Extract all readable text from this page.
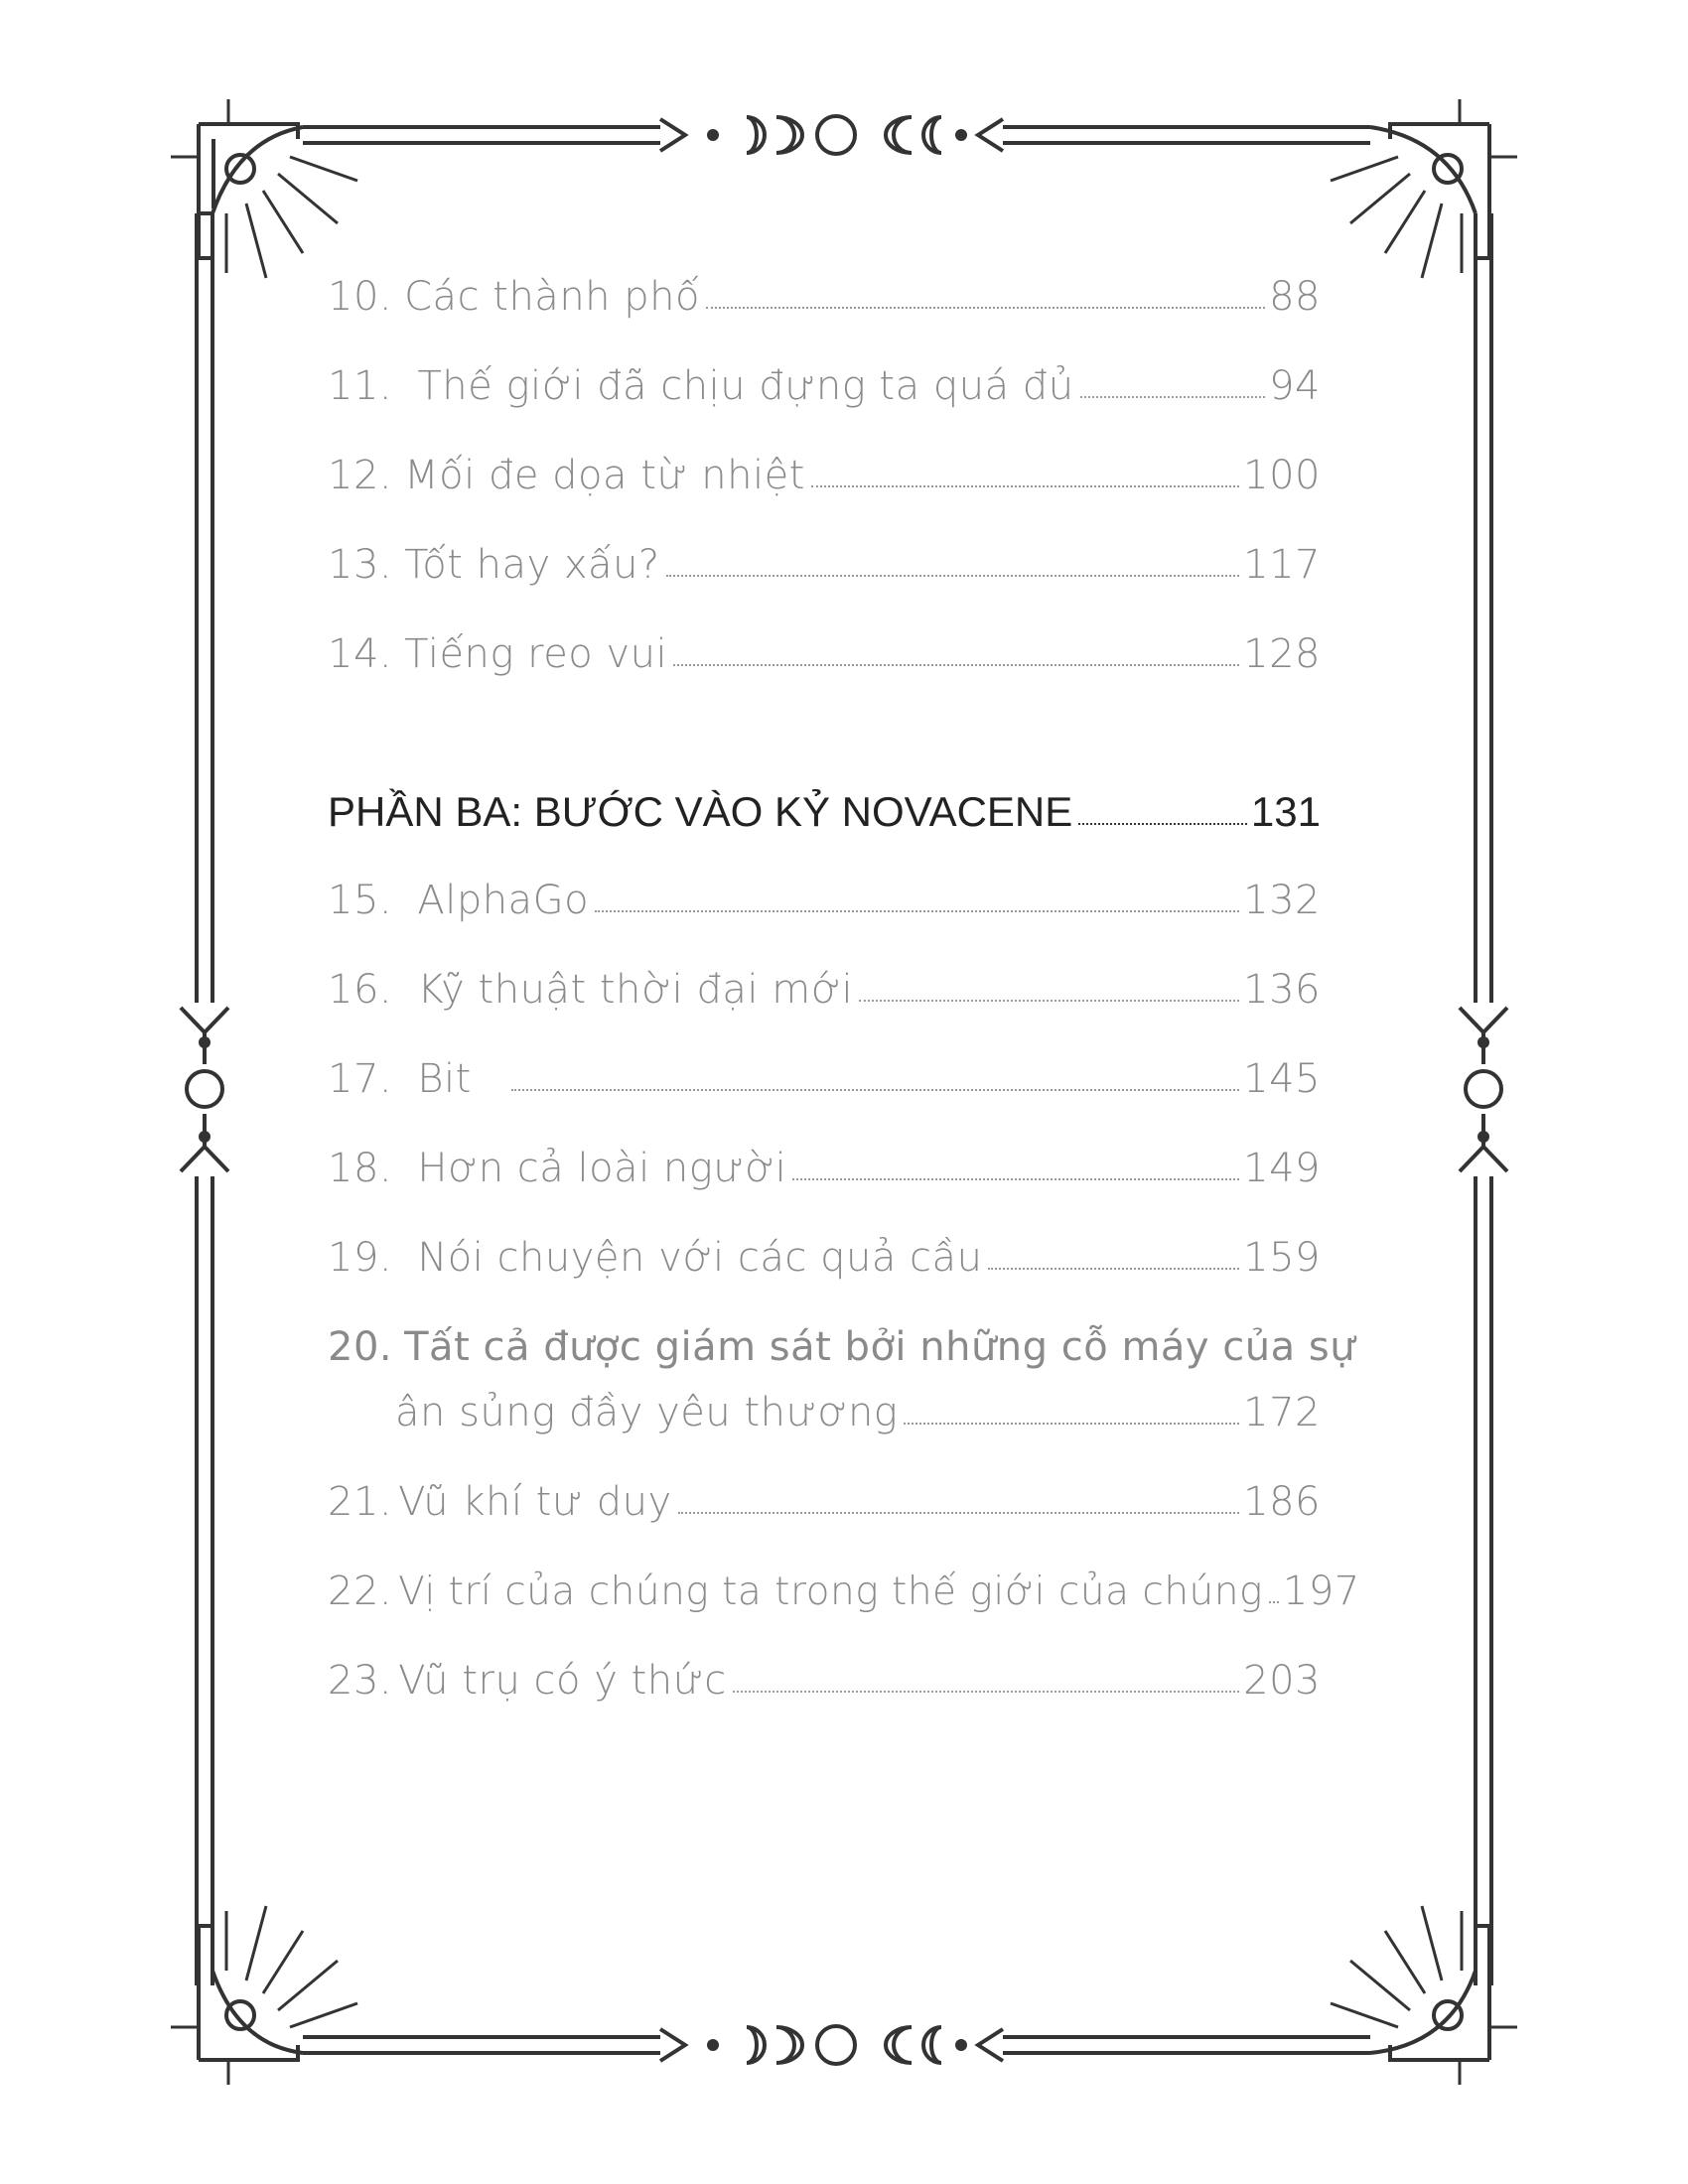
10. Các thành phố	88
11. Thế giới đã chịu đựng ta quá đủ	94
12. Mối đe dọa từ nhiệt	100
13. Tốt hay xấu?	117
14. Tiếng reo vui	128
PHẦN BA: BƯỚC VÀO KỶ NOVACENE	131
15. AlphaGo	132
16. Kỹ thuật thời đại mới	136
17. Bit	145
18. Hơn cả loài người	149
19. Nói chuyện với các quả cầu	159
20. Tất cả được giám sát bởi những cỗ máy của sự
ân sủng đầy yêu thương	172
21. Vũ khí tư duy	186
22. Vị trí của chúng ta trong thế giới của chúng 197
23. Vũ trụ có ý thức	203
